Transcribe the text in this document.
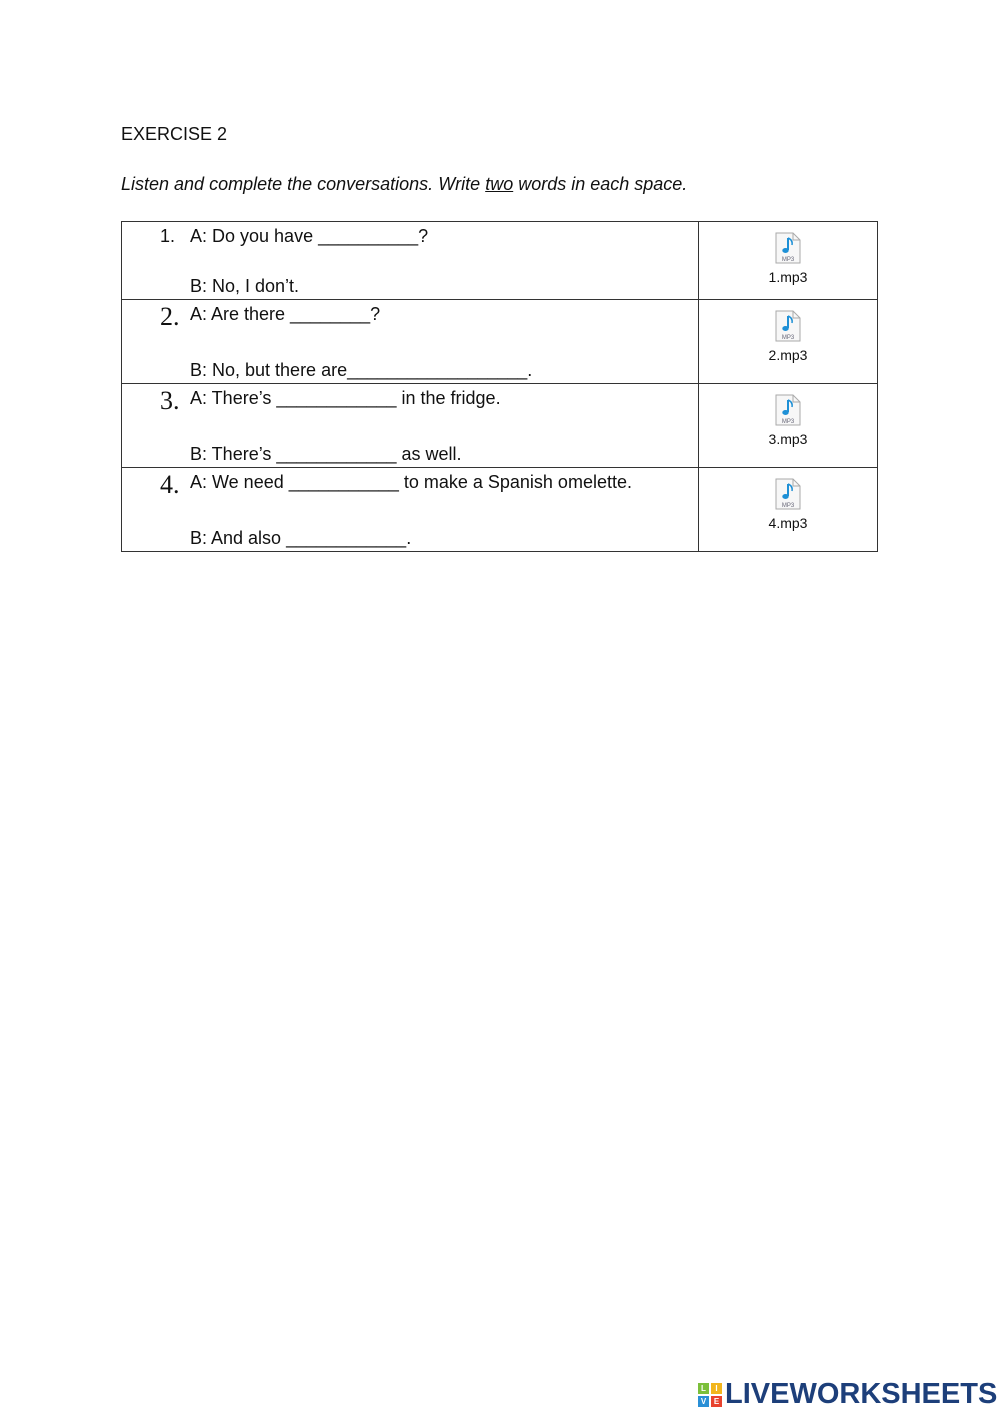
EXERCISE 2
Listen and complete the conversations. Write two words in each space.
1. A: Do you have __________?
B: No, I don’t.	MP3
1.mp3

2. A: Are there ________?
B: No, but there are__________________.	MP3
2.mp3

3. A: There’s ____________ in the fridge.
B: There’s ____________ as well.	MP3
3.mp3

4. A: We need ___________ to make a Spanish omelette.
B: And also ____________.	MP3
4.mp3
L	I
V E LIVEWORKSHEETS
